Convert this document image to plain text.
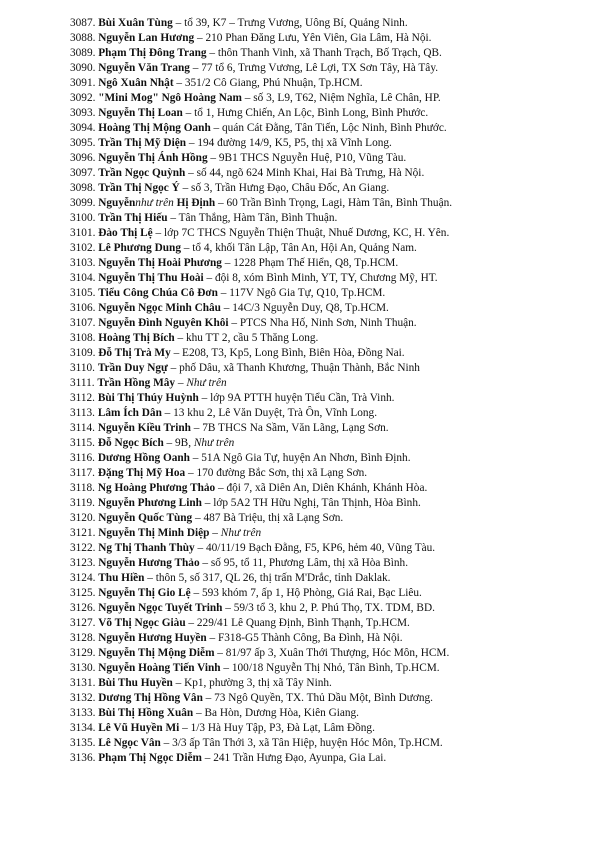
3087. Bùi Xuân Tùng – tổ 39, K7 – Trưng Vương, Uông Bí, Quảng Ninh.
3088. Nguyễn Lan Hương – 210 Phan Đăng Lưu, Yên Viên, Gia Lâm, Hà Nội.
3089. Phạm Thị Đông Trang – thôn Thanh Vinh, xã Thanh Trạch, Bố Trạch, QB.
3090. Nguyễn Văn Trang – 77 tổ 6, Trưng Vương, Lê Lợi, TX Sơn Tây, Hà Tây.
3091. Ngô Xuân Nhật – 351/2 Cô Giang, Phú Nhuận, Tp.HCM.
3092. "Mini Mog" Ngô Hoàng Nam – số 3, L9, T62, Niệm Nghĩa, Lê Chân, HP.
3093. Nguyễn Thị Loan – tổ 1, Hưng Chiến, An Lộc, Bình Long, Bình Phước.
3094. Hoàng Thị Mộng Oanh – quán Cát Đằng, Tân Tiến, Lộc Ninh, Bình Phước.
3095. Trần Thị Mỹ Diện – 194 đường 14/9, K5, P5, thị xã Vĩnh Long.
3096. Nguyễn Thị Ánh Hồng – 9B1 THCS Nguyễn Huệ, P10, Vũng Tàu.
3097. Trần Ngọc Quỳnh – số 44, ngõ 624 Minh Khai, Hai Bà Trưng, Hà Nội.
3098. Trần Thị Ngọc Ý – số 3, Trần Hưng Đạo, Châu Đốc, An Giang.
3099. Nguyễnnhư trên Hị Định – 60 Trần Bình Trọng, Lagi, Hàm Tân, Bình Thuận.
3100. Trần Thị Hiếu – Tân Thắng, Hàm Tân, Bình Thuận.
3101. Đào Thị Lệ – lớp 7C THCS Nguyễn Thiện Thuật, Nhuế Dương, KC, H. Yên.
3102. Lê Phương Dung – tổ 4, khối Tân Lập, Tân An, Hội An, Quảng Nam.
3103. Nguyễn Thị Hoài Phương – 1228 Phạm Thế Hiển, Q8, Tp.HCM.
3104. Nguyễn Thị Thu Hoài – đội 8, xóm Bình Minh, YT, TY, Chương Mỹ, HT.
3105. Tiểu Công Chúa Cô Đơn – 117V Ngô Gia Tự, Q10, Tp.HCM.
3106. Nguyễn Ngọc Minh Châu – 14C/3 Nguyễn Duy, Q8, Tp.HCM.
3107. Nguyễn Đình Nguyên Khôi – PTCS Nha Hố, Ninh Sơn, Ninh Thuận.
3108. Hoàng Thị Bích – khu TT 2, cầu 5 Thăng Long.
3109. Đỗ Thị Trà My – E208, T3, Kp5, Long Bình, Biên Hòa, Đồng Nai.
3110. Trần Duy Ngự – phố Dâu, xã Thanh Khương, Thuận Thành, Bắc Ninh
3111. Trần Hồng Mây – Như trên
3112. Bùi Thị Thúy Huỳnh – lớp 9A PTTH huyện Tiểu Cần, Trà Vinh.
3113. Lâm Ích Dân – 13 khu 2, Lê Văn Duyệt, Trà Ôn, Vĩnh Long.
3114. Nguyễn Kiều Trinh – 7B THCS Na Sầm, Văn Lãng, Lạng Sơn.
3115. Đỗ Ngọc Bích – 9B, Như trên
3116. Dương Hồng Oanh – 51A Ngô Gia Tự, huyện An Nhơn, Bình Định.
3117. Đặng Thị Mỹ Hoa – 170 đường Bắc Sơn, thị xã Lạng Sơn.
3118. Ng Hoàng Phương Thảo – đội 7, xã Diên An, Diên Khánh, Khánh Hòa.
3119. Nguyễn Phương Linh – lớp 5A2 TH Hữu Nghị, Tân Thịnh, Hòa Bình.
3120. Nguyễn Quốc Tùng – 487 Bà Triệu, thị xã Lạng Sơn.
3121. Nguyễn Thị Minh Diệp – Như trên
3122. Ng Thị Thanh Thùy – 40/11/19 Bạch Đằng, F5, KP6, hẻm 40, Vũng Tàu.
3123. Nguyễn Hương Thảo – số 95, tổ 11, Phương Lâm, thị xã Hòa Bình.
3124. Thu Hiền – thôn 5, số 317, QL 26, thị trấn M'Drắc, tỉnh Daklak.
3125. Nguyễn Thị Gio Lệ – 593 khóm 7, ấp 1, Hộ Phòng, Giá Rai, Bạc Liêu.
3126. Nguyễn Ngọc Tuyết Trinh – 59/3 tổ 3, khu 2, P. Phú Thọ, TX. TDM, BD.
3127. Võ Thị Ngọc Giàu – 229/41 Lê Quang Định, Bình Thạnh, Tp.HCM.
3128. Nguyễn Hương Huyền – F318-G5 Thành Công, Ba Đình, Hà Nội.
3129. Nguyễn Thị Mộng Diễm – 81/97 ấp 3, Xuân Thới Thượng, Hóc Môn, HCM.
3130. Nguyễn Hoàng Tiến Vinh – 100/18 Nguyễn Thị Nhỏ, Tân Bình, Tp.HCM.
3131. Bùi Thu Huyền – Kp1, phường 3, thị xã Tây Ninh.
3132. Dương Thị Hồng Vân – 73 Ngô Quyền, TX. Thủ Dầu Một, Bình Dương.
3133. Bùi Thị Hồng Xuân – Ba Hòn, Dương Hòa, Kiên Giang.
3134. Lê Vũ Huyền Mi – 1/3 Hà Huy Tập, P3, Đà Lạt, Lâm Đồng.
3135. Lê Ngọc Vân – 3/3 ấp Tân Thới 3, xã Tân Hiệp, huyện Hóc Môn, Tp.HCM.
3136. Phạm Thị Ngọc Diễm – 241 Trần Hưng Đạo, Ayunpa, Gia Lai.
